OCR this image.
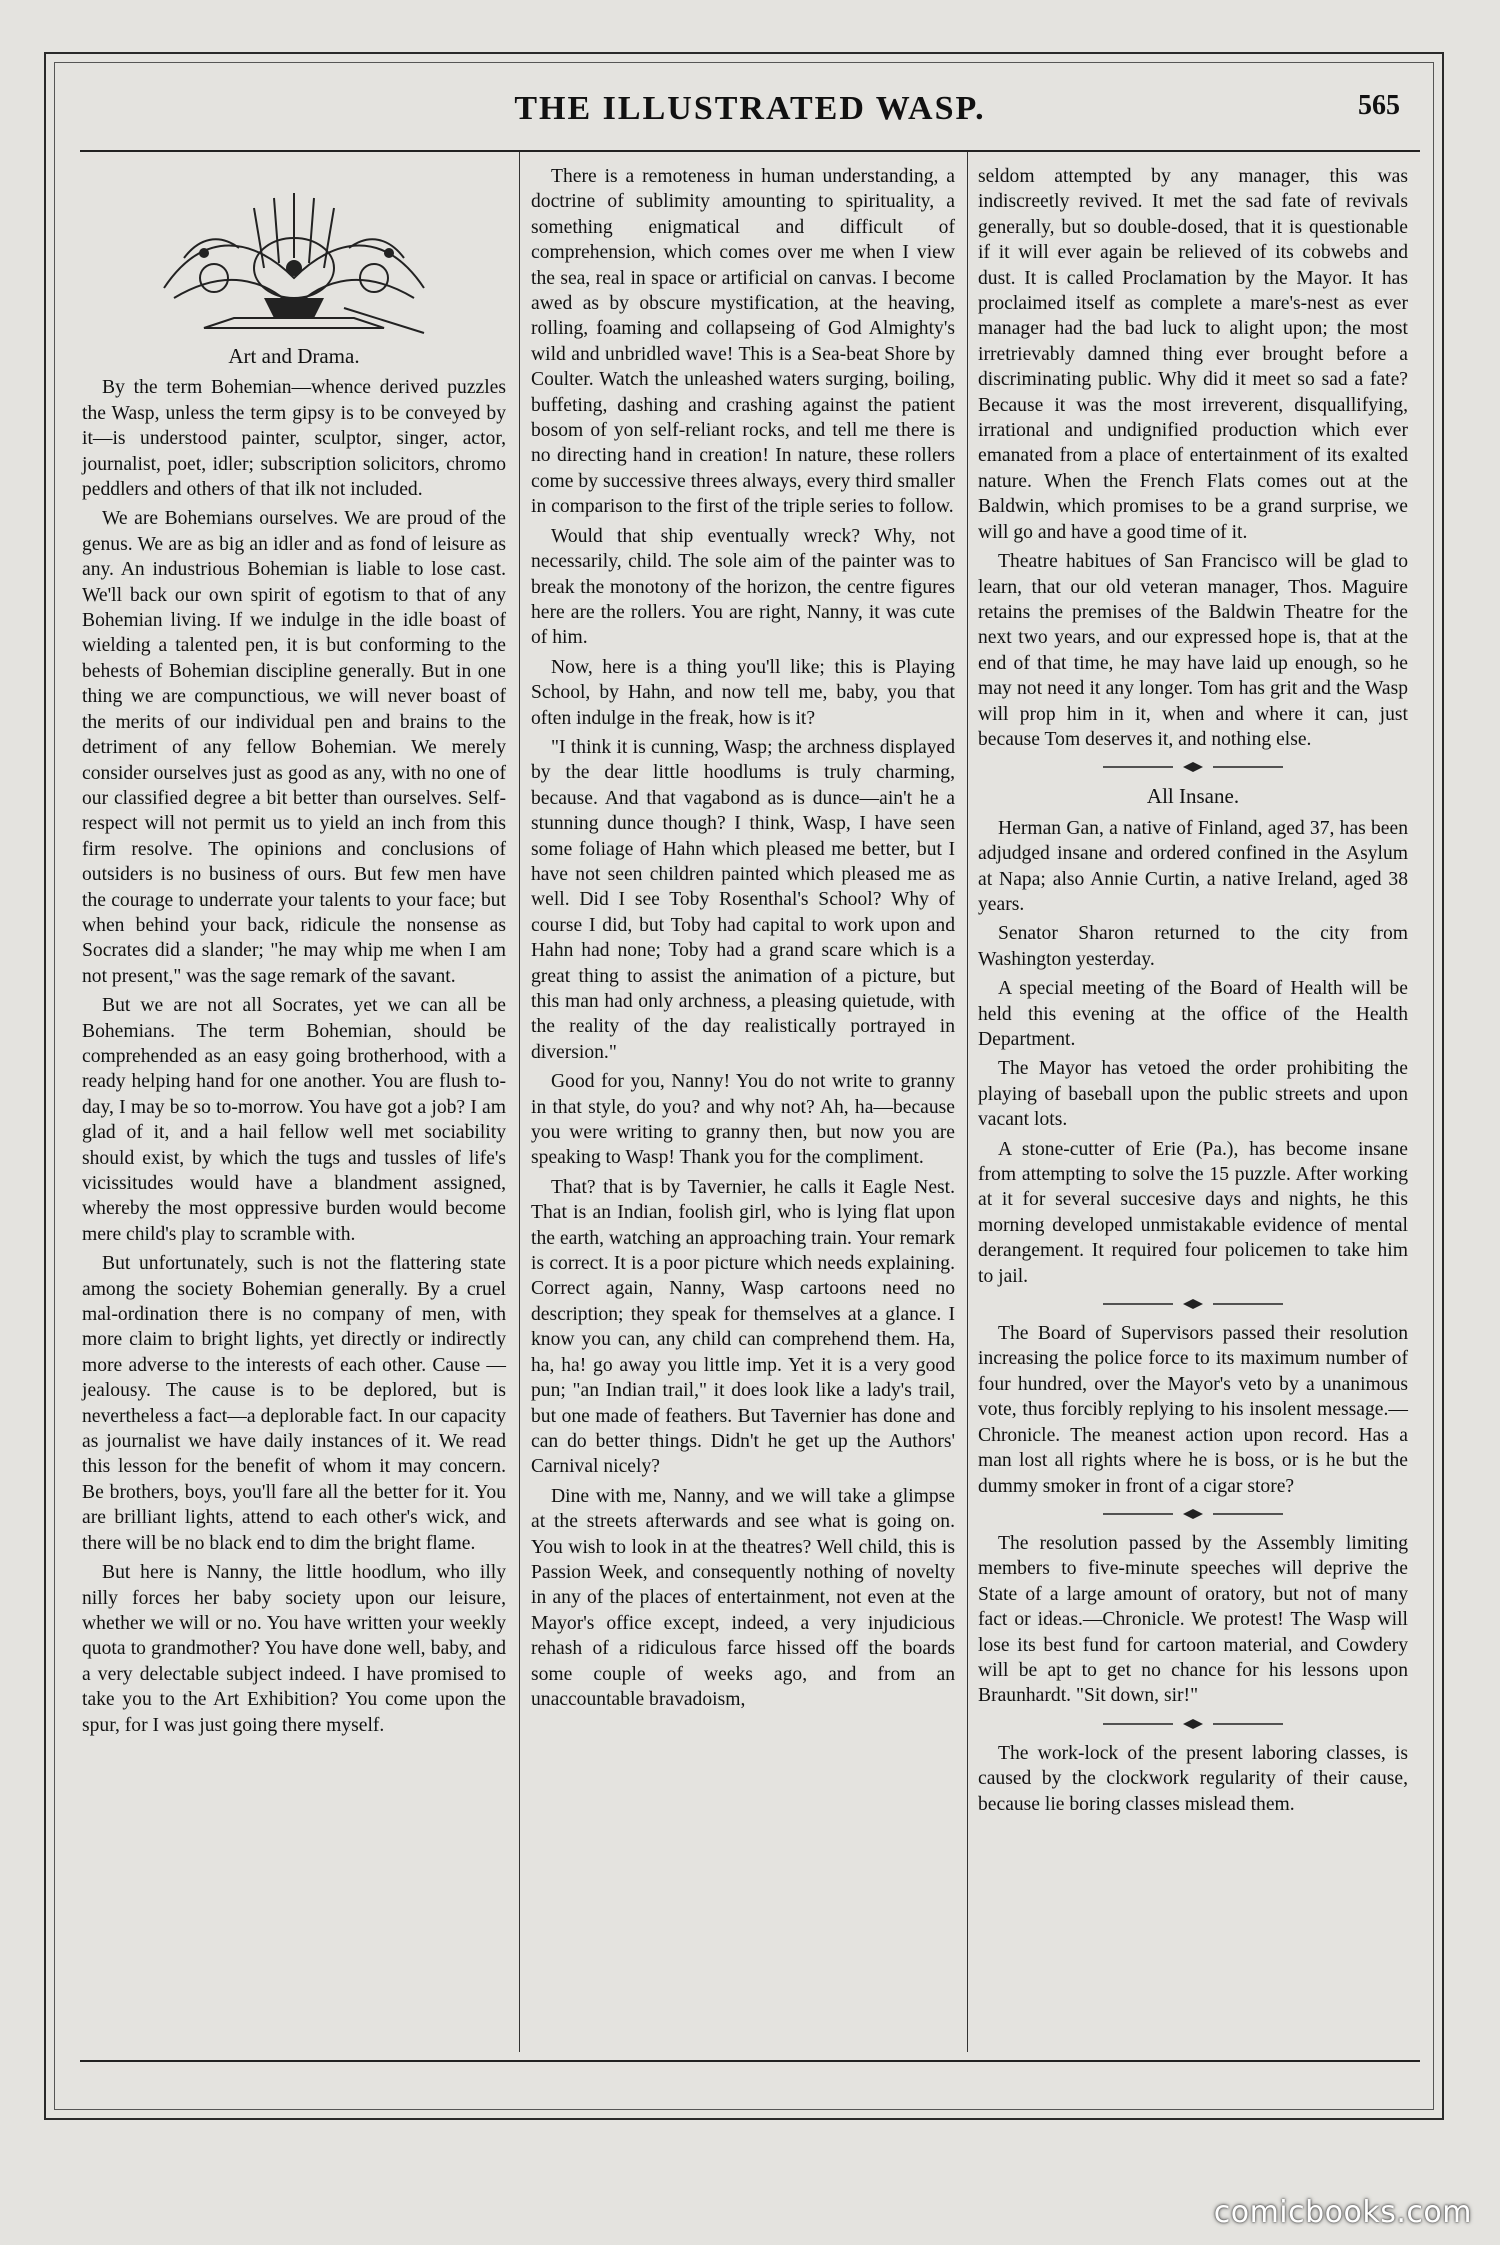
THE ILLUSTRATED WASP.	565
Art and Drama.

By the term Bohemian—whence derived puzzles the Wasp, unless the term gipsy is to be conveyed by it—is understood painter, sculptor, singer, actor, journalist, poet, idler; subscription solicitors, chromo peddlers and others of that ilk not included.

We are Bohemians ourselves. We are proud of the genus. We are as big an idler and as fond of leisure as any. An industrious Bohemian is liable to lose cast. We'll back our own spirit of egotism to that of any Bohemian living. If we indulge in the idle boast of wielding a talented pen, it is but conforming to the behests of Bohemian discipline generally. But in one thing we are compunctious, we will never boast of the merits of our individual pen and brains to the detriment of any fellow Bohemian. We merely consider ourselves just as good as any, with no one of our classified degree a bit better than ourselves. Self-respect will not permit us to yield an inch from this firm resolve. The opinions and conclusions of outsiders is no business of ours. But few men have the courage to underrate your talents to your face; but when behind your back, ridicule the nonsense as Socrates did a slander; "he may whip me when I am not present," was the sage remark of the savant.

But we are not all Socrates, yet we can all be Bohemians. The term Bohemian, should be comprehended as an easy going brotherhood, with a ready helping hand for one another. You are flush to-day, I may be so to-morrow. You have got a job? I am glad of it, and a hail fellow well met sociability should exist, by which the tugs and tussles of life's vicissitudes would have a blandment assigned, whereby the most oppressive burden would become mere child's play to scramble with.

But unfortunately, such is not the flattering state among the society Bohemian generally. By a cruel mal-ordination there is no company of men, with more claim to bright lights, yet directly or indirectly more adverse to the interests of each other. Cause —jealousy. The cause is to be deplored, but is nevertheless a fact—a deplorable fact. In our capacity as journalist we have daily instances of it. We read this lesson for the benefit of whom it may concern. Be brothers, boys, you'll fare all the better for it. You are brilliant lights, attend to each other's wick, and there will be no black end to dim the bright flame.

But here is Nanny, the little hoodlum, who illy nilly forces her baby society upon our leisure, whether we will or no. You have written your weekly quota to grandmother? You have done well, baby, and a very delectable subject indeed. I have promised to take you to the Art Exhibition? You come upon the spur, for I was just going there myself.

There is a remoteness in human understanding, a doctrine of sublimity amounting to spirituality, a something enigmatical and difficult of comprehension, which comes over me when I view the sea, real in space or artificial on canvas. I become awed as by obscure mystification, at the heaving, rolling, foaming and collapseing of God Almighty's wild and unbridled wave! This is a Sea-beat Shore by Coulter. Watch the unleashed waters surging, boiling, buffeting, dashing and crashing against the patient bosom of yon self-reliant rocks, and tell me there is no directing hand in creation! In nature, these rollers come by successive threes always, every third smaller in comparison to the first of the triple series to follow.

Would that ship eventually wreck? Why, not necessarily, child. The sole aim of the painter was to break the monotony of the horizon, the centre figures here are the rollers. You are right, Nanny, it was cute of him.

Now, here is a thing you'll like; this is Playing School, by Hahn, and now tell me, baby, you that often indulge in the freak, how is it?

"I think it is cunning, Wasp; the archness displayed by the dear little hoodlums is truly charming, because. And that vagabond as is dunce—ain't he a stunning dunce though? I think, Wasp, I have seen some foliage of Hahn which pleased me better, but I have not seen children painted which pleased me as well. Did I see Toby Rosenthal's School? Why of course I did, but Toby had capital to work upon and Hahn had none; Toby had a grand scare which is a great thing to assist the animation of a picture, but this man had only archness, a pleasing quietude, with the reality of the day realistically portrayed in diversion."

Good for you, Nanny! You do not write to granny in that style, do you? and why not? Ah, ha—because you were writing to granny then, but now you are speaking to Wasp! Thank you for the compliment.

That? that is by Tavernier, he calls it Eagle Nest. That is an Indian, foolish girl, who is lying flat upon the earth, watching an approaching train. Your remark is correct. It is a poor picture which needs explaining. Correct again, Nanny, Wasp cartoons need no description; they speak for themselves at a glance. I know you can, any child can comprehend them. Ha, ha, ha! go away you little imp. Yet it is a very good pun; "an Indian trail," it does look like a lady's trail, but one made of feathers. But Tavernier has done and can do better things. Didn't he get up the Authors' Carnival nicely?

Dine with me, Nanny, and we will take a glimpse at the streets afterwards and see what is going on. You wish to look in at the theatres? Well child, this is Passion Week, and consequently nothing of novelty in any of the places of entertainment, not even at the Mayor's office except, indeed, a very injudicious rehash of a ridiculous farce hissed off the boards some couple of weeks ago, and from an unaccountable bravadoism,

seldom attempted by any manager, this was indiscreetly revived. It met the sad fate of revivals generally, but so double-dosed, that it is questionable if it will ever again be relieved of its cobwebs and dust. It is called Proclamation by the Mayor. It has proclaimed itself as complete a mare's-nest as ever manager had the bad luck to alight upon; the most irretrievably damned thing ever brought before a discriminating public. Why did it meet so sad a fate? Because it was the most irreverent, disquallifying, irrational and undignified production which ever emanated from a place of entertainment of its exalted nature. When the French Flats comes out at the Baldwin, which promises to be a grand surprise, we will go and have a good time of it.

Theatre habitues of San Francisco will be glad to learn, that our old veteran manager, Thos. Maguire retains the premises of the Baldwin Theatre for the next two years, and our expressed hope is, that at the end of that time, he may have laid up enough, so he may not need it any longer. Tom has grit and the Wasp will prop him in it, when and where it can, just because Tom deserves it, and nothing else.

All Insane.

Herman Gan, a native of Finland, aged 37, has been adjudged insane and ordered confined in the Asylum at Napa; also Annie Curtin, a native Ireland, aged 38 years.

Senator Sharon returned to the city from Washington yesterday.

A special meeting of the Board of Health will be held this evening at the office of the Health Department.

The Mayor has vetoed the order prohibiting the playing of baseball upon the public streets and upon vacant lots.

A stone-cutter of Erie (Pa.), has become insane from attempting to solve the 15 puzzle. After working at it for several succesive days and nights, he this morning developed unmistakable evidence of mental derangement. It required four policemen to take him to jail.

The Board of Supervisors passed their resolution increasing the police force to its maximum number of four hundred, over the Mayor's veto by a unanimous vote, thus forcibly replying to his insolent message.— Chronicle. The meanest action upon record. Has a man lost all rights where he is boss, or is he but the dummy smoker in front of a cigar store?

The resolution passed by the Assembly limiting members to five-minute speeches will deprive the State of a large amount of oratory, but not of many fact or ideas.—Chronicle. We protest! The Wasp will lose its best fund for cartoon material, and Cowdery will be apt to get no chance for his lessons upon Braunhardt. "Sit down, sir!"

The work-lock of the present laboring classes, is caused by the clockwork regularity of their cause, because lie boring classes mislead them.

comicbooks.com
